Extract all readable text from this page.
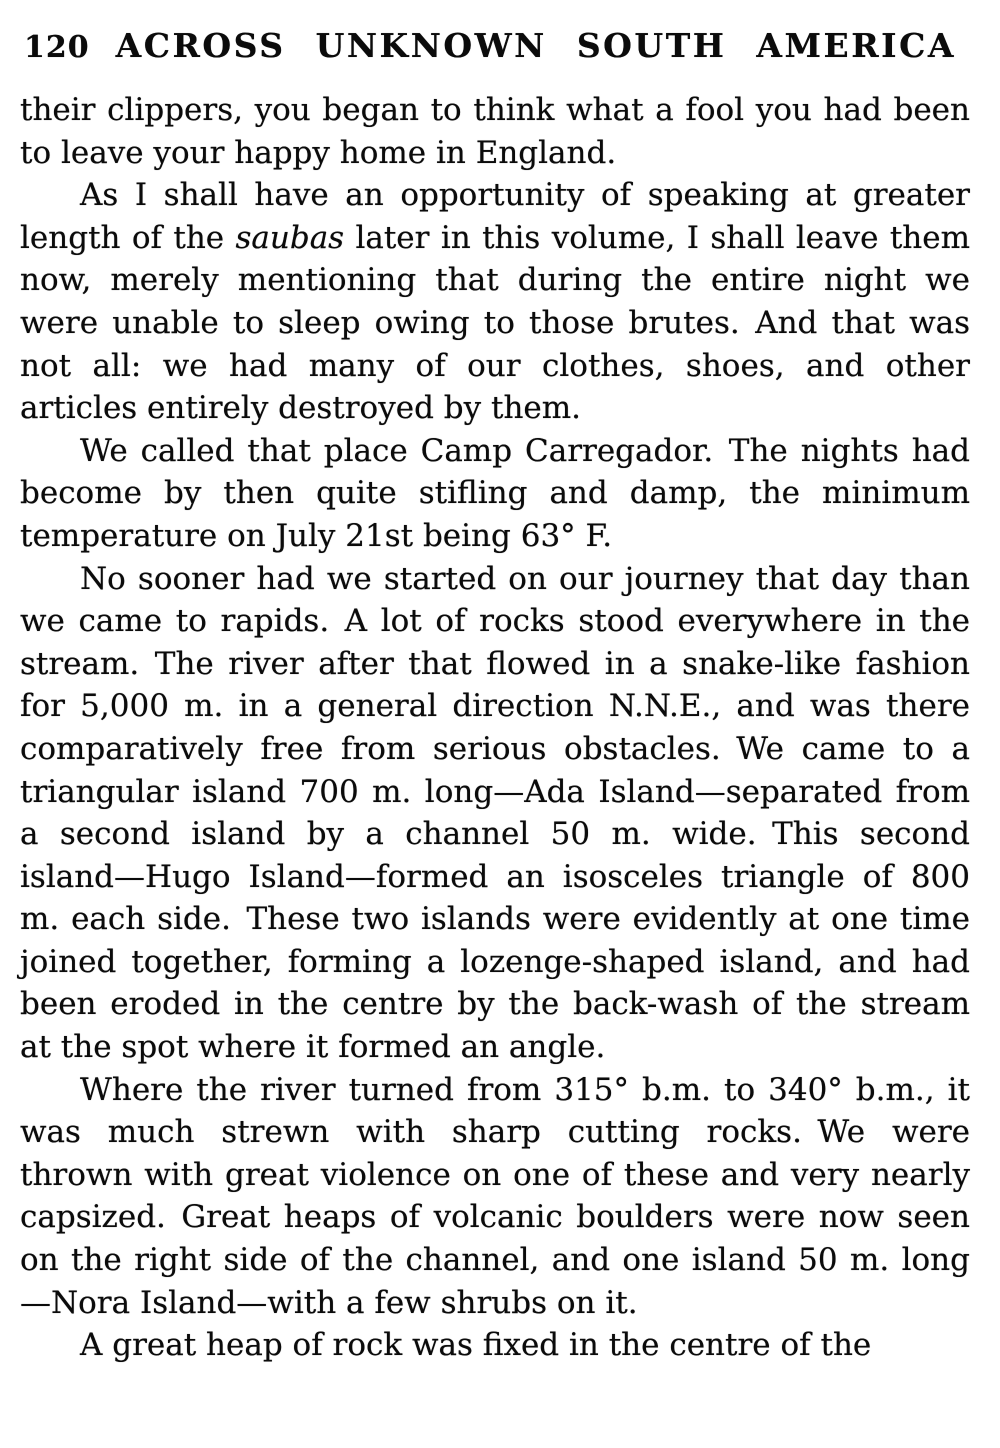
120 ACROSS UNKNOWN SOUTH AMERICA

their clippers, you began to think what a fool you had been to leave your happy home in England.

As I shall have an opportunity of speaking at greater length of the saubas later in this volume, I shall leave them now, merely mentioning that during the entire night we were unable to sleep owing to those brutes. And that was not all: we had many of our clothes, shoes, and other articles entirely destroyed by them.

We called that place Camp Carregador. The nights had become by then quite stifling and damp, the minimum temperature on July 21st being 63° F.

No sooner had we started on our journey that day than we came to rapids. A lot of rocks stood everywhere in the stream. The river after that flowed in a snake-like fashion for 5,000 m. in a general direction N.N.E., and was there comparatively free from serious obstacles. We came to a triangular island 700 m. long—Ada Island—separated from a second island by a channel 50 m. wide. This second island—Hugo Island—formed an isosceles triangle of 800 m. each side. These two islands were evidently at one time joined together, forming a lozenge-shaped island, and had been eroded in the centre by the back-wash of the stream at the spot where it formed an angle.

Where the river turned from 315° b.m. to 340° b.m., it was much strewn with sharp cutting rocks. We were thrown with great violence on one of these and very nearly capsized. Great heaps of volcanic boulders were now seen on the right side of the channel, and one island 50 m. long—Nora Island—with a few shrubs on it.

A great heap of rock was fixed in the centre of the
